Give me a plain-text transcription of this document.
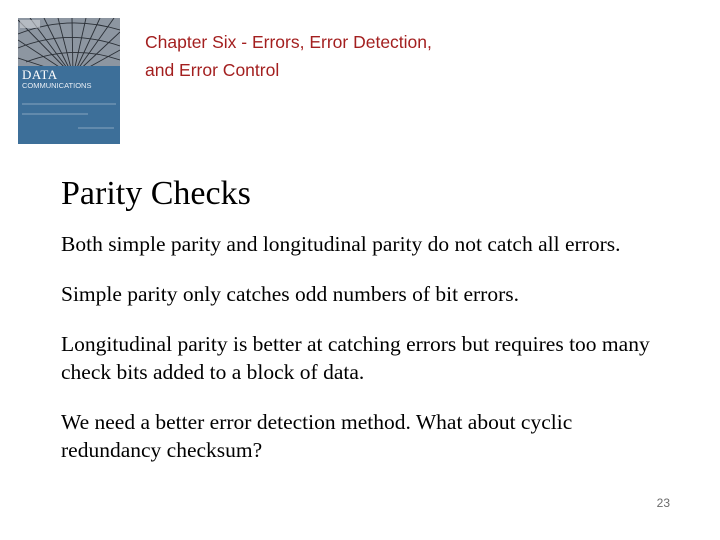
DATA
COMMUNICATIONS
Chapter Six - Errors, Error Detection,
and Error Control
Parity Checks
Both simple parity and longitudinal parity do not catch all errors.
Simple parity only catches odd numbers of bit errors.
Longitudinal parity is better at catching errors but requires too many check bits added to a block of data.
We need a better error detection method. What about cyclic redundancy checksum?
23
